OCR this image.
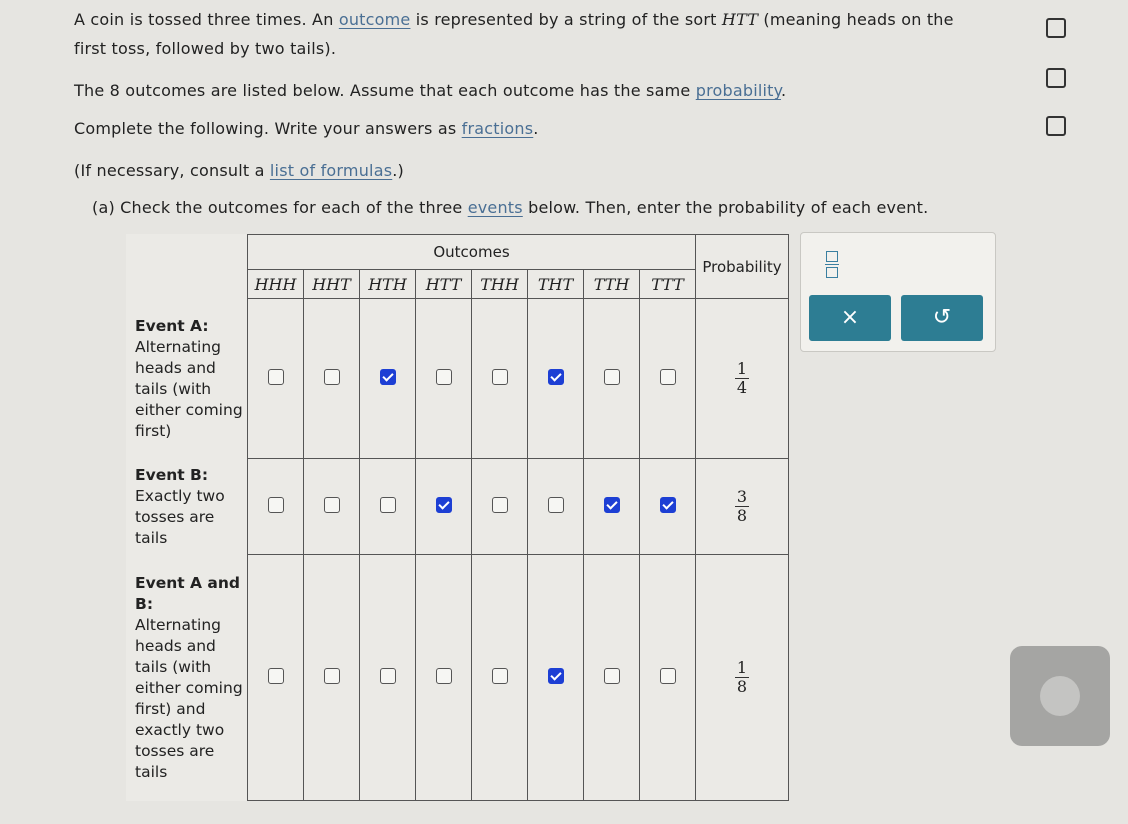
A coin is tossed three times. An outcome is represented by a string of the sort HTT (meaning heads on the
first toss, followed by two tails).
The 8 outcomes are listed below. Assume that each outcome has the same probability.
Complete the following. Write your answers as fractions.
(If necessary, consult a list of formulas.)
(a) Check the outcomes for each of the three events below. Then, enter the probability of each event.
	Outcomes								Probability
	HHH	HHT	HTH	HTT	THH	THT	TTH	TTT	
Event A: Alternating heads and tails (with either coming first)									$\frac{1}{4}$

Event B: Exactly two tosses are tails									$\frac{3}{8}$

Event A and B: Alternating heads and tails (with either coming first) and exactly two tosses are tails									$\frac{1}{8}$
×	↺
